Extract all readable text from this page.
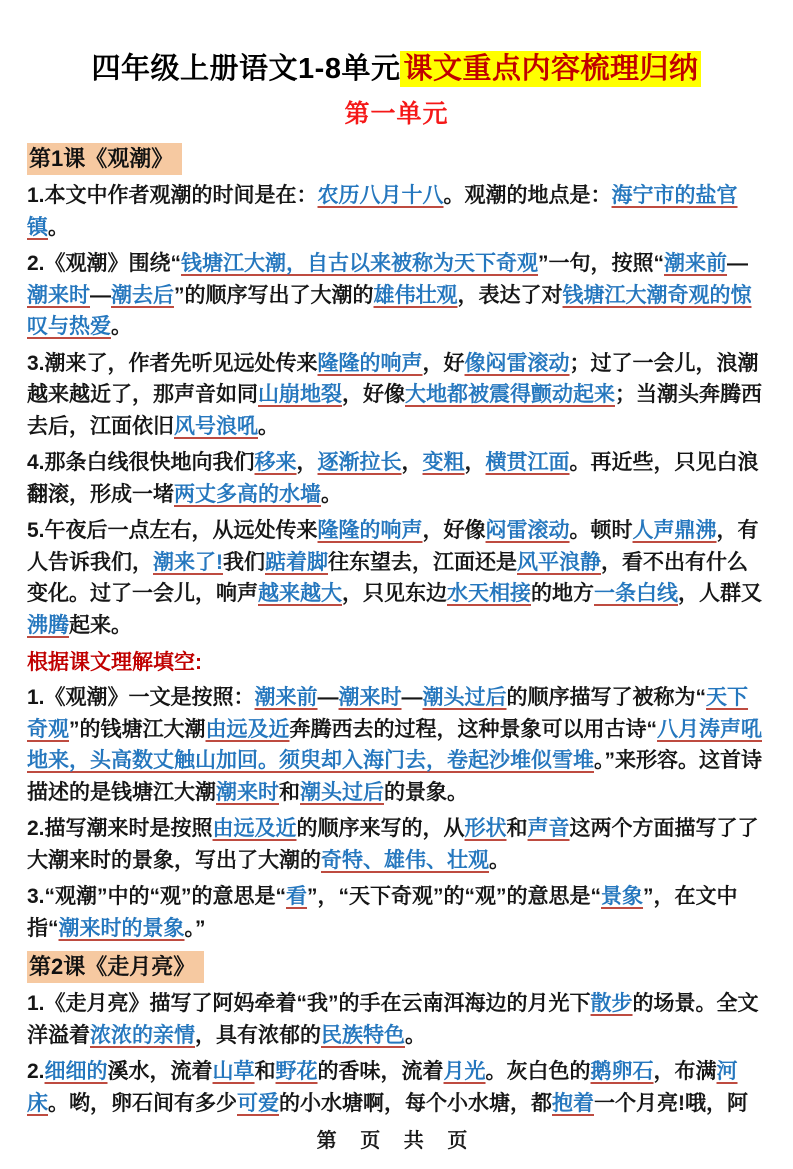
四年级上册语文1-8单元 课文重点内容梳理归纳
第一单元
第1课《观潮》

1.本文中作者观潮的时间是在：农历八月十八。观潮的地点是：海宁市的盐官镇。

2.《观潮》围绕“钱塘江大潮，自古以来被称为天下奇观”一句，按照“潮来前—潮来时—潮去后”的顺序写出了大潮的雄伟壮观，表达了对钱塘江大潮奇观的惊叹与热爱。

3.潮来了，作者先听见远处传来隆隆的响声，好像闷雷滚动；过了一会儿，浪潮越来越近了，那声音如同山崩地裂，好像大地都被震得颤动起来；当潮头奔腾西去后，江面依旧风号浪吼。

4.那条白线很快地向我们移来，逐渐拉长，变粗，横贯江面。再近些，只见白浪翻滚，形成一堵两丈多高的水墙。

5.午夜后一点左右，从远处传来隆隆的响声，好像闷雷滚动。顿时人声鼎沸，有人告诉我们，潮来了!我们踮着脚往东望去，江面还是风平浪静，看不出有什么变化。过了一会儿，响声越来越大，只见东边水天相接的地方一条白线，人群又沸腾起来。

根据课文理解填空:

1.《观潮》一文是按照：潮来前—潮来时—潮头过后的顺序描写了被称为“天下奇观”的钱塘江大潮由远及近奔腾西去的过程，这种景象可以用古诗“八月涛声吼地来，头高数丈触山加回。须臾却入海门去，卷起沙堆似雪堆。”来形容。这首诗描述的是钱塘江大潮潮来时和潮头过后的景象。

2.描写潮来时是按照由远及近的顺序来写的，从形状和声音这两个方面描写了了大潮来时的景象，写出了大潮的奇特、雄伟、壮观。

3.“观潮”中的“观”的意思是“看”，“天下奇观”的“观”的意思是“景象”，在文中指“潮来时的景象。”

第2课《走月亮》

1.《走月亮》描写了阿妈牵着“我”的手在云南洱海边的月光下散步的场景。全文洋溢着浓浓的亲情，具有浓郁的民族特色。

2.细细的溪水，流着山草和野花的香味，流着月光。灰白色的鹅卵石，布满河床。哟，卵石间有多少可爱的小水塘啊，每个小水塘，都抱着一个月亮!哦，阿

第 页 共 页
